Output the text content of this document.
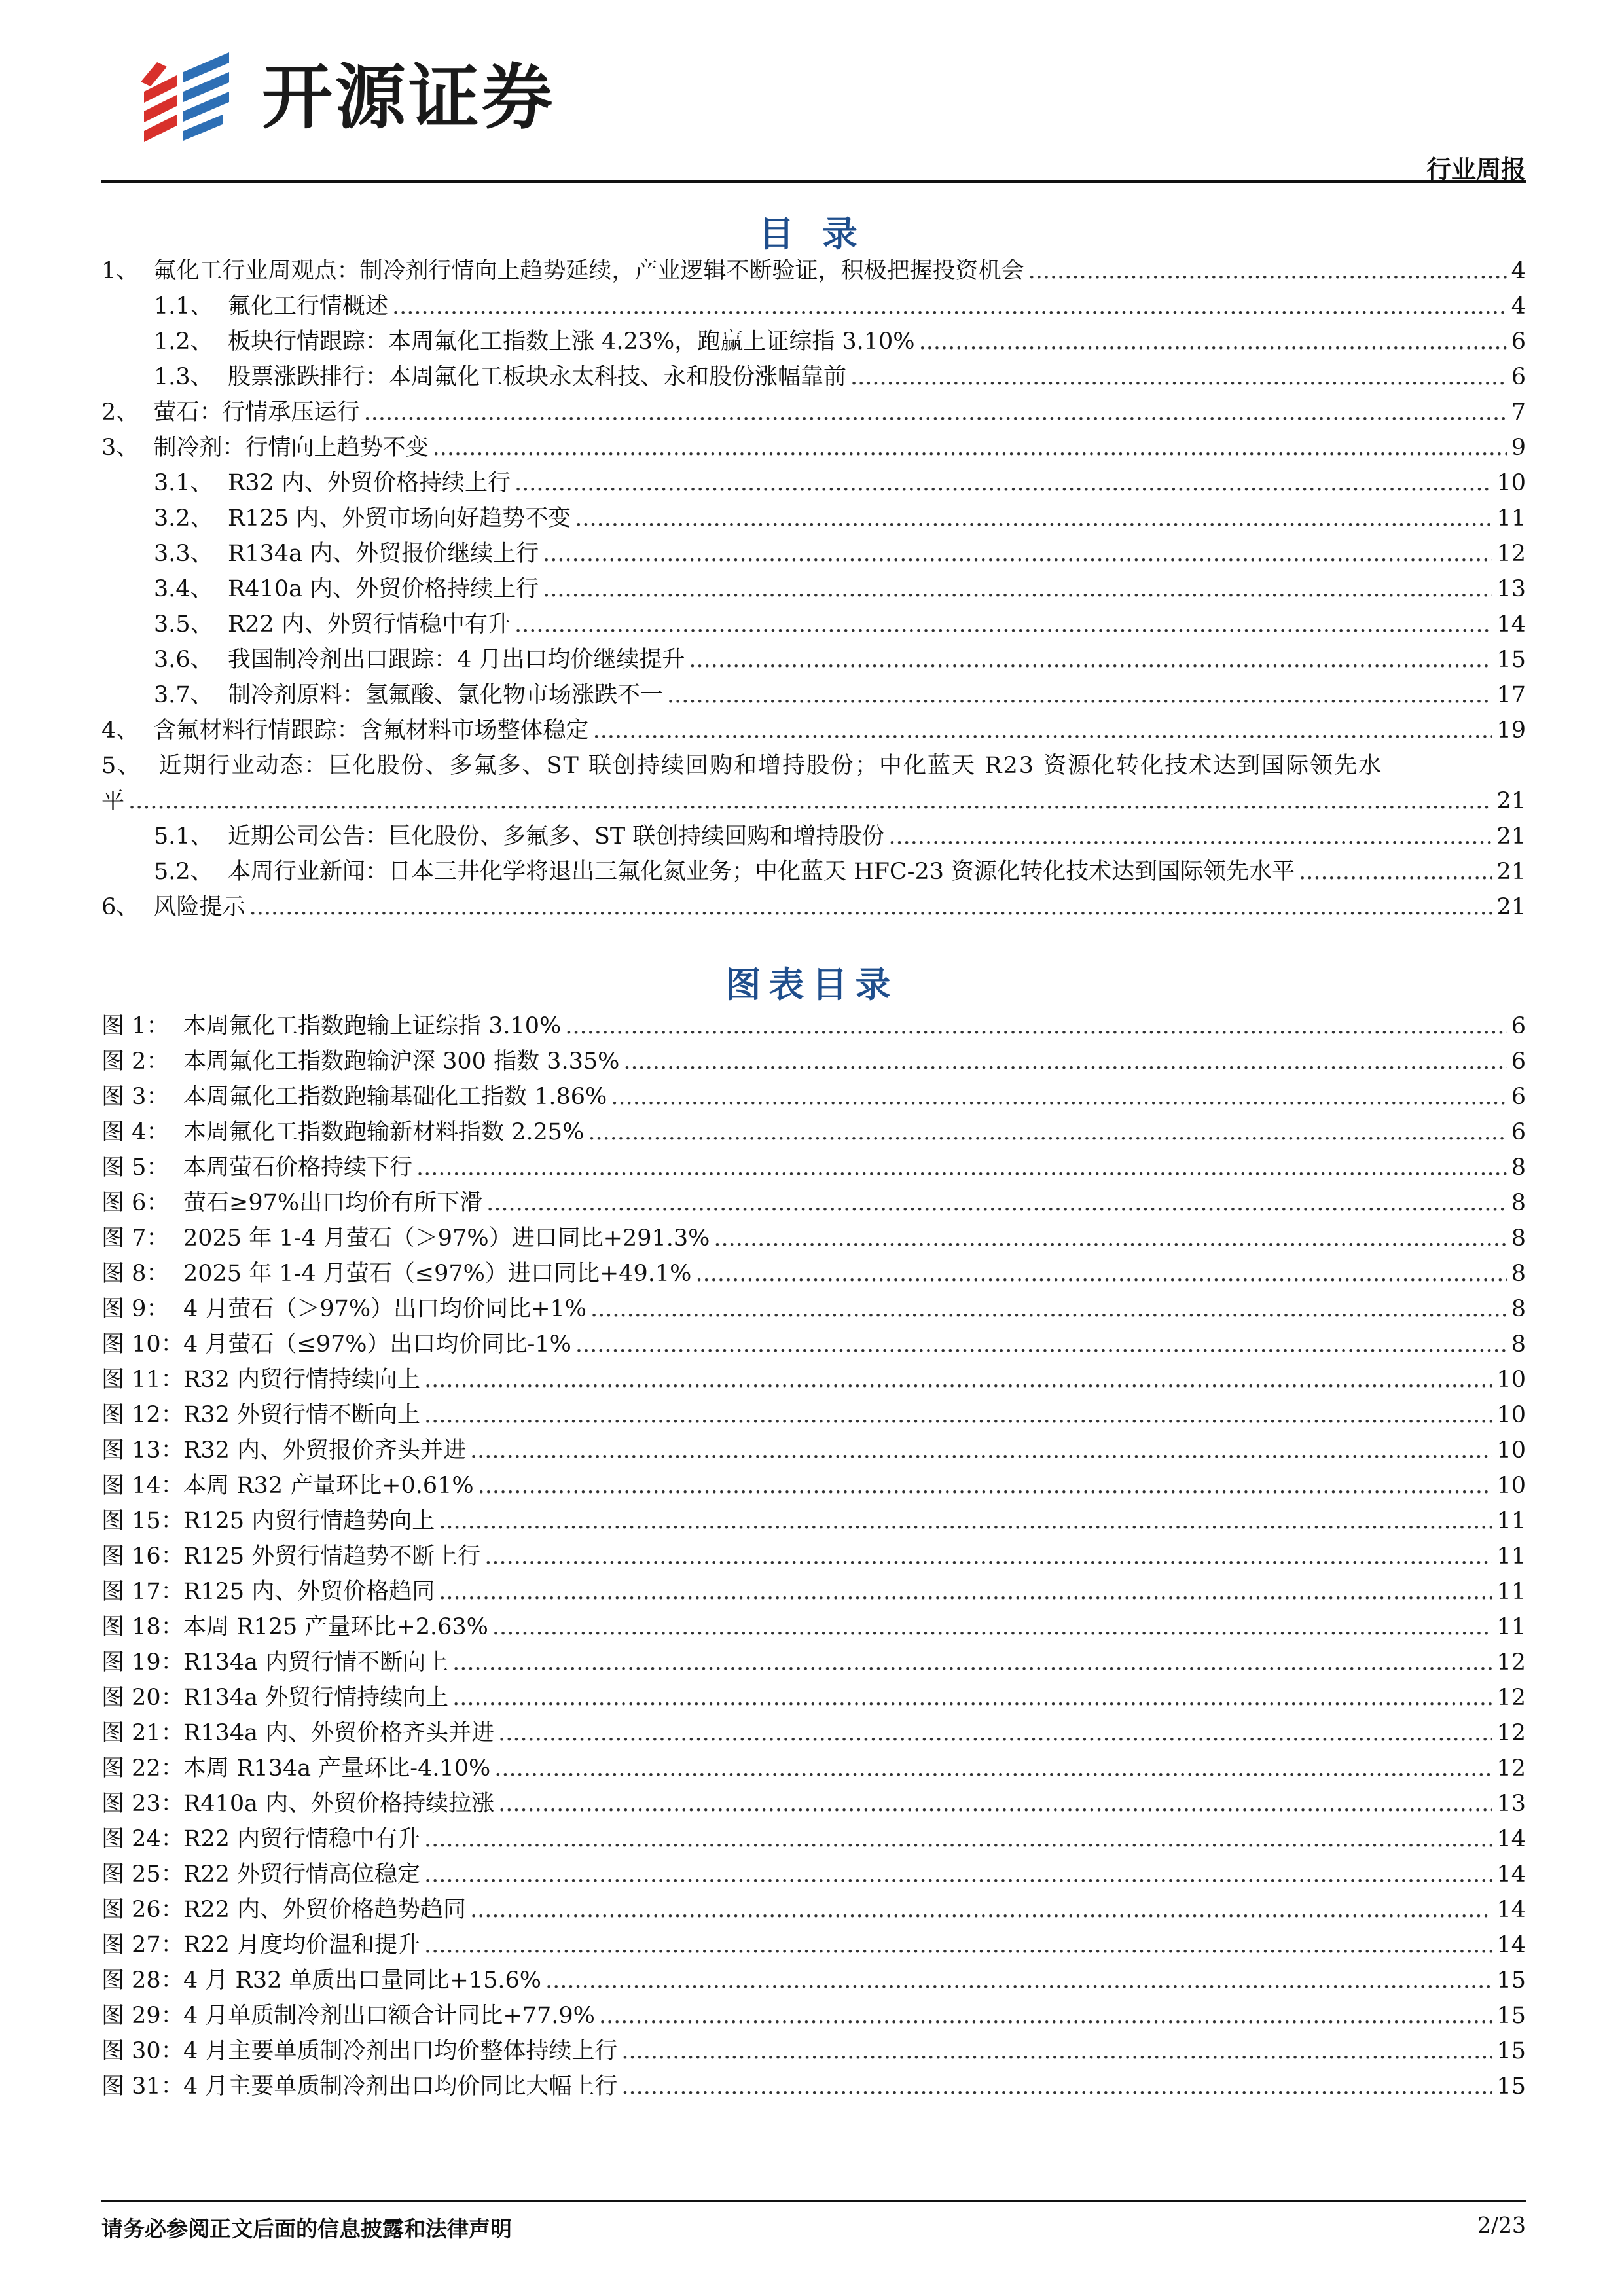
开源证券
行业周报
目 录
1、 氟化工行业周观点：制冷剂行情向上趋势延续，产业逻辑不断验证，积极把握投资机会 .....	4
1.1、 氟化工行情概述 .....	4
1.2、 板块行情跟踪：本周氟化工指数上涨 4.23%，跑赢上证综指 3.10% .....	6
1.3、 股票涨跌排行：本周氟化工板块永太科技、永和股份涨幅靠前 .....	6
2、 萤石：行情承压运行 .....	7
3、 制冷剂：行情向上趋势不变 .....	9
3.1、 R32 内、外贸价格持续上行 .....	10
3.2、 R125 内、外贸市场向好趋势不变 .....	11
3.3、 R134a 内、外贸报价继续上行 .....	12
3.4、 R410a 内、外贸价格持续上行 .....	13
3.5、 R22 内、外贸行情稳中有升 .....	14
3.6、 我国制冷剂出口跟踪：4 月出口均价继续提升 .....	15
3.7、 制冷剂原料：氢氟酸、氯化物市场涨跌不一 .....	17
4、 含氟材料行情跟踪：含氟材料市场整体稳定 .....	19
5、 近期行业动态：巨化股份、多氟多、ST 联创持续回购和增持股份；中化蓝天 R23 资源化转化技术达到国际领先水
平 .....	21
5.1、 近期公司公告：巨化股份、多氟多、ST 联创持续回购和增持股份 .....	21
5.2、 本周行业新闻：日本三井化学将退出三氟化氮业务；中化蓝天 HFC-23 资源化转化技术达到国际领先水平 .....	21
6、 风险提示 .....	21
图表目录
图 1： 本周氟化工指数跑输上证综指 3.10% .....	6
图 2： 本周氟化工指数跑输沪深 300 指数 3.35% .....	6
图 3： 本周氟化工指数跑输基础化工指数 1.86% .....	6
图 4： 本周氟化工指数跑输新材料指数 2.25% .....	6
图 5： 本周萤石价格持续下行 .....	8
图 6： 萤石≥97%出口均价有所下滑 .....	8
图 7： 2025 年 1-4 月萤石（＞97%）进口同比+291.3% .....	8
图 8： 2025 年 1-4 月萤石（≤97%）进口同比+49.1% .....	8
图 9： 4 月萤石（＞97%）出口均价同比+1% .....	8
图 10：4 月萤石（≤97%）出口均价同比-1% .....	8
图 11：R32 内贸行情持续向上 .....	10
图 12：R32 外贸行情不断向上 .....	10
图 13：R32 内、外贸报价齐头并进 .....	10
图 14：本周 R32 产量环比+0.61% .....	10
图 15：R125 内贸行情趋势向上 .....	11
图 16：R125 外贸行情趋势不断上行 .....	11
图 17：R125 内、外贸价格趋同 .....	11
图 18：本周 R125 产量环比+2.63% .....	11
图 19：R134a 内贸行情不断向上 .....	12
图 20：R134a 外贸行情持续向上 .....	12
图 21：R134a 内、外贸价格齐头并进 .....	12
图 22：本周 R134a 产量环比-4.10% .....	12
图 23：R410a 内、外贸价格持续拉涨 .....	13
图 24：R22 内贸行情稳中有升 .....	14
图 25：R22 外贸行情高位稳定 .....	14
图 26：R22 内、外贸价格趋势趋同 .....	14
图 27：R22 月度均价温和提升 .....	14
图 28：4 月 R32 单质出口量同比+15.6% .....	15
图 29：4 月单质制冷剂出口额合计同比+77.9% .....	15
图 30：4 月主要单质制冷剂出口均价整体持续上行 .....	15
图 31：4 月主要单质制冷剂出口均价同比大幅上行 .....	15
请务必参阅正文后面的信息披露和法律声明	2/23
